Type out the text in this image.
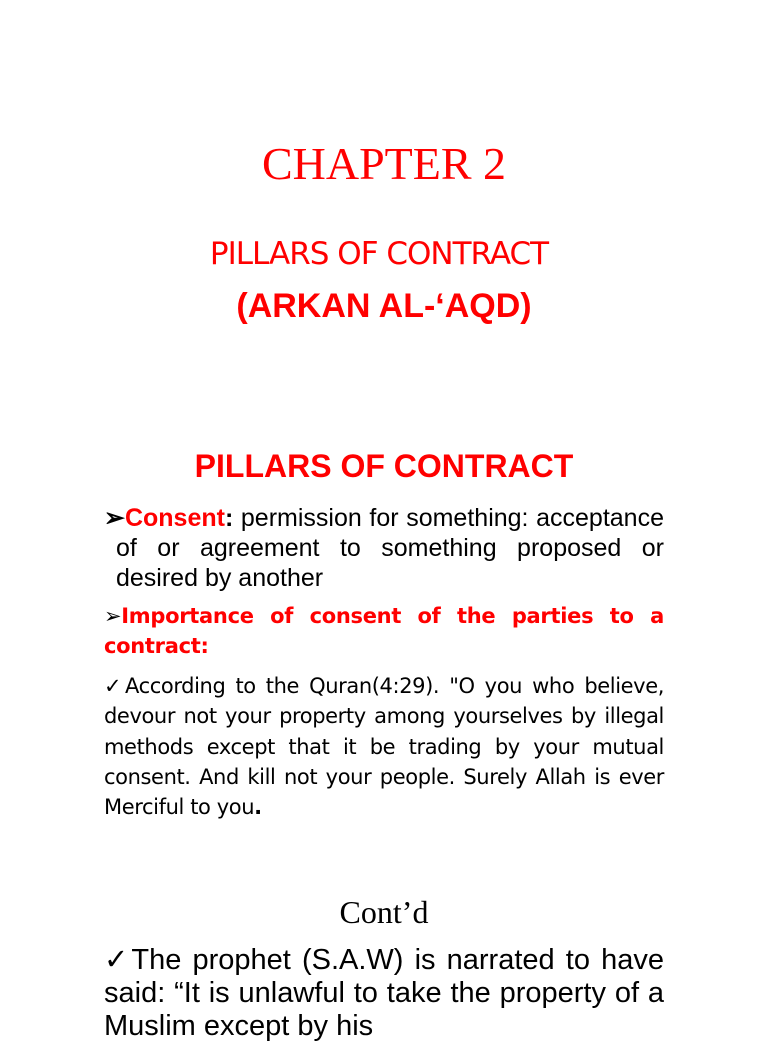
CHAPTER 2
PILLARS OF CONTRACT
(ARKAN AL-‘AQD)
PILLARS OF CONTRACT
➢Consent: permission for something: acceptance of or agreement to something proposed or desired by another
➢Importance of consent of the parties to a contract:
✓According to the Quran(4:29). "O you who believe, devour not your property among yourselves by illegal methods except that it be trading by your mutual consent. And kill not your people. Surely Allah is ever Merciful to you.
Cont’d
✓The prophet (S.A.W) is narrated to have said: “It is unlawful to take the property of a Muslim except by his
